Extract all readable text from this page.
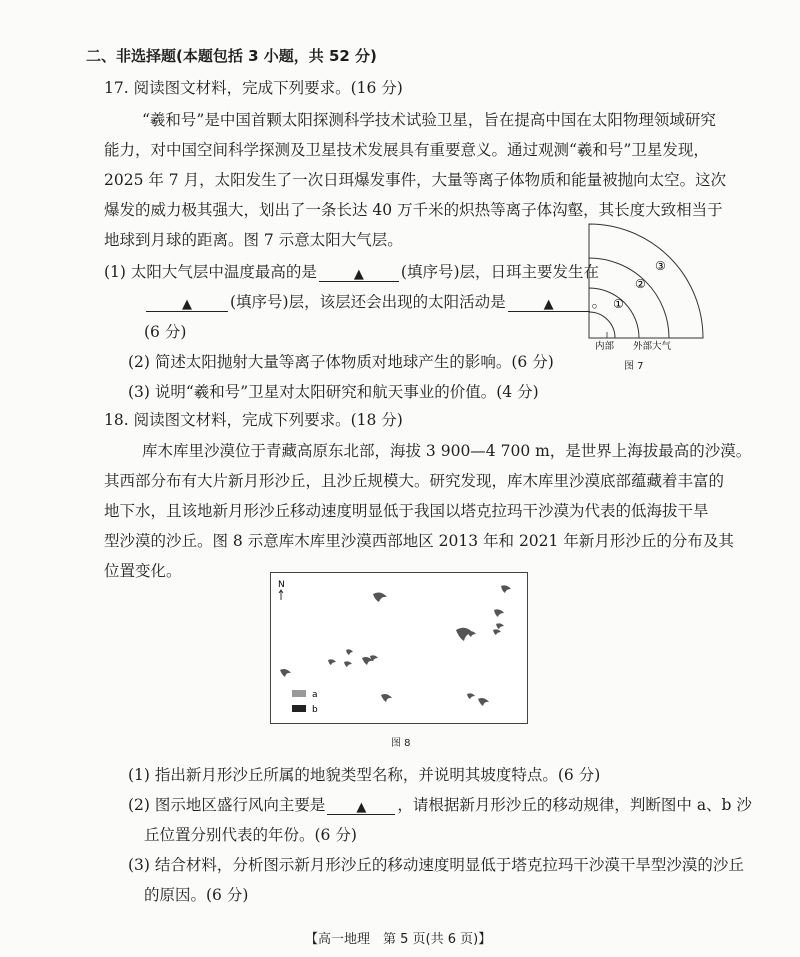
二、非选择题(本题包括 3 小题，共 52 分)
17. 阅读图文材料，完成下列要求。(16 分)
“羲和号”是中国首颗太阳探测科学技术试验卫星，旨在提高中国在太阳物理领域研究
能力，对中国空间科学探测及卫星技术发展具有重要意义。通过观测“羲和号”卫星发现，
2025 年 7 月，太阳发生了一次日珥爆发事件，大量等离子体物质和能量被抛向太空。这次
爆发的威力极其强大，划出了一条长达 40 万千米的炽热等离子体沟壑，其长度大致相当于
地球到月球的距离。图 7 示意太阳大气层。
(1) 太阳大气层中温度最高的是	▲ (填序号)层，日珥主要发生在
▲ (填序号)层，该层还会出现的太阳活动是	▲ 。
(6 分)
(2) 简述太阳抛射大量等离子体物质对地球产生的影响。(6 分)
(3) 说明“羲和号”卫星对太阳研究和航天事业的价值。(4 分)
①
②
③
内部 外部大气
图 7
18. 阅读图文材料，完成下列要求。(18 分)
库木库里沙漠位于青藏高原东北部，海拔 3 900—4 700 m，是世界上海拔最高的沙漠。
其西部分布有大片新月形沙丘，且沙丘规模大。研究发现，库木库里沙漠底部蕴藏着丰富的
地下水，且该地新月形沙丘移动速度明显低于我国以塔克拉玛干沙漠为代表的低海拔干旱
型沙漠的沙丘。图 8 示意库木库里沙漠西部地区 2013 年和 2021 年新月形沙丘的分布及其
位置变化。
N
a
b
图 8
(1) 指出新月形沙丘所属的地貌类型名称，并说明其坡度特点。(6 分)
(2) 图示地区盛行风向主要是 ▲ ，请根据新月形沙丘的移动规律，判断图中 a、b 沙
丘位置分别代表的年份。(6 分)
(3) 结合材料，分析图示新月形沙丘的移动速度明显低于塔克拉玛干沙漠干旱型沙漠的沙丘
的原因。(6 分)
【高一地理　第 5 页(共 6 页)】
